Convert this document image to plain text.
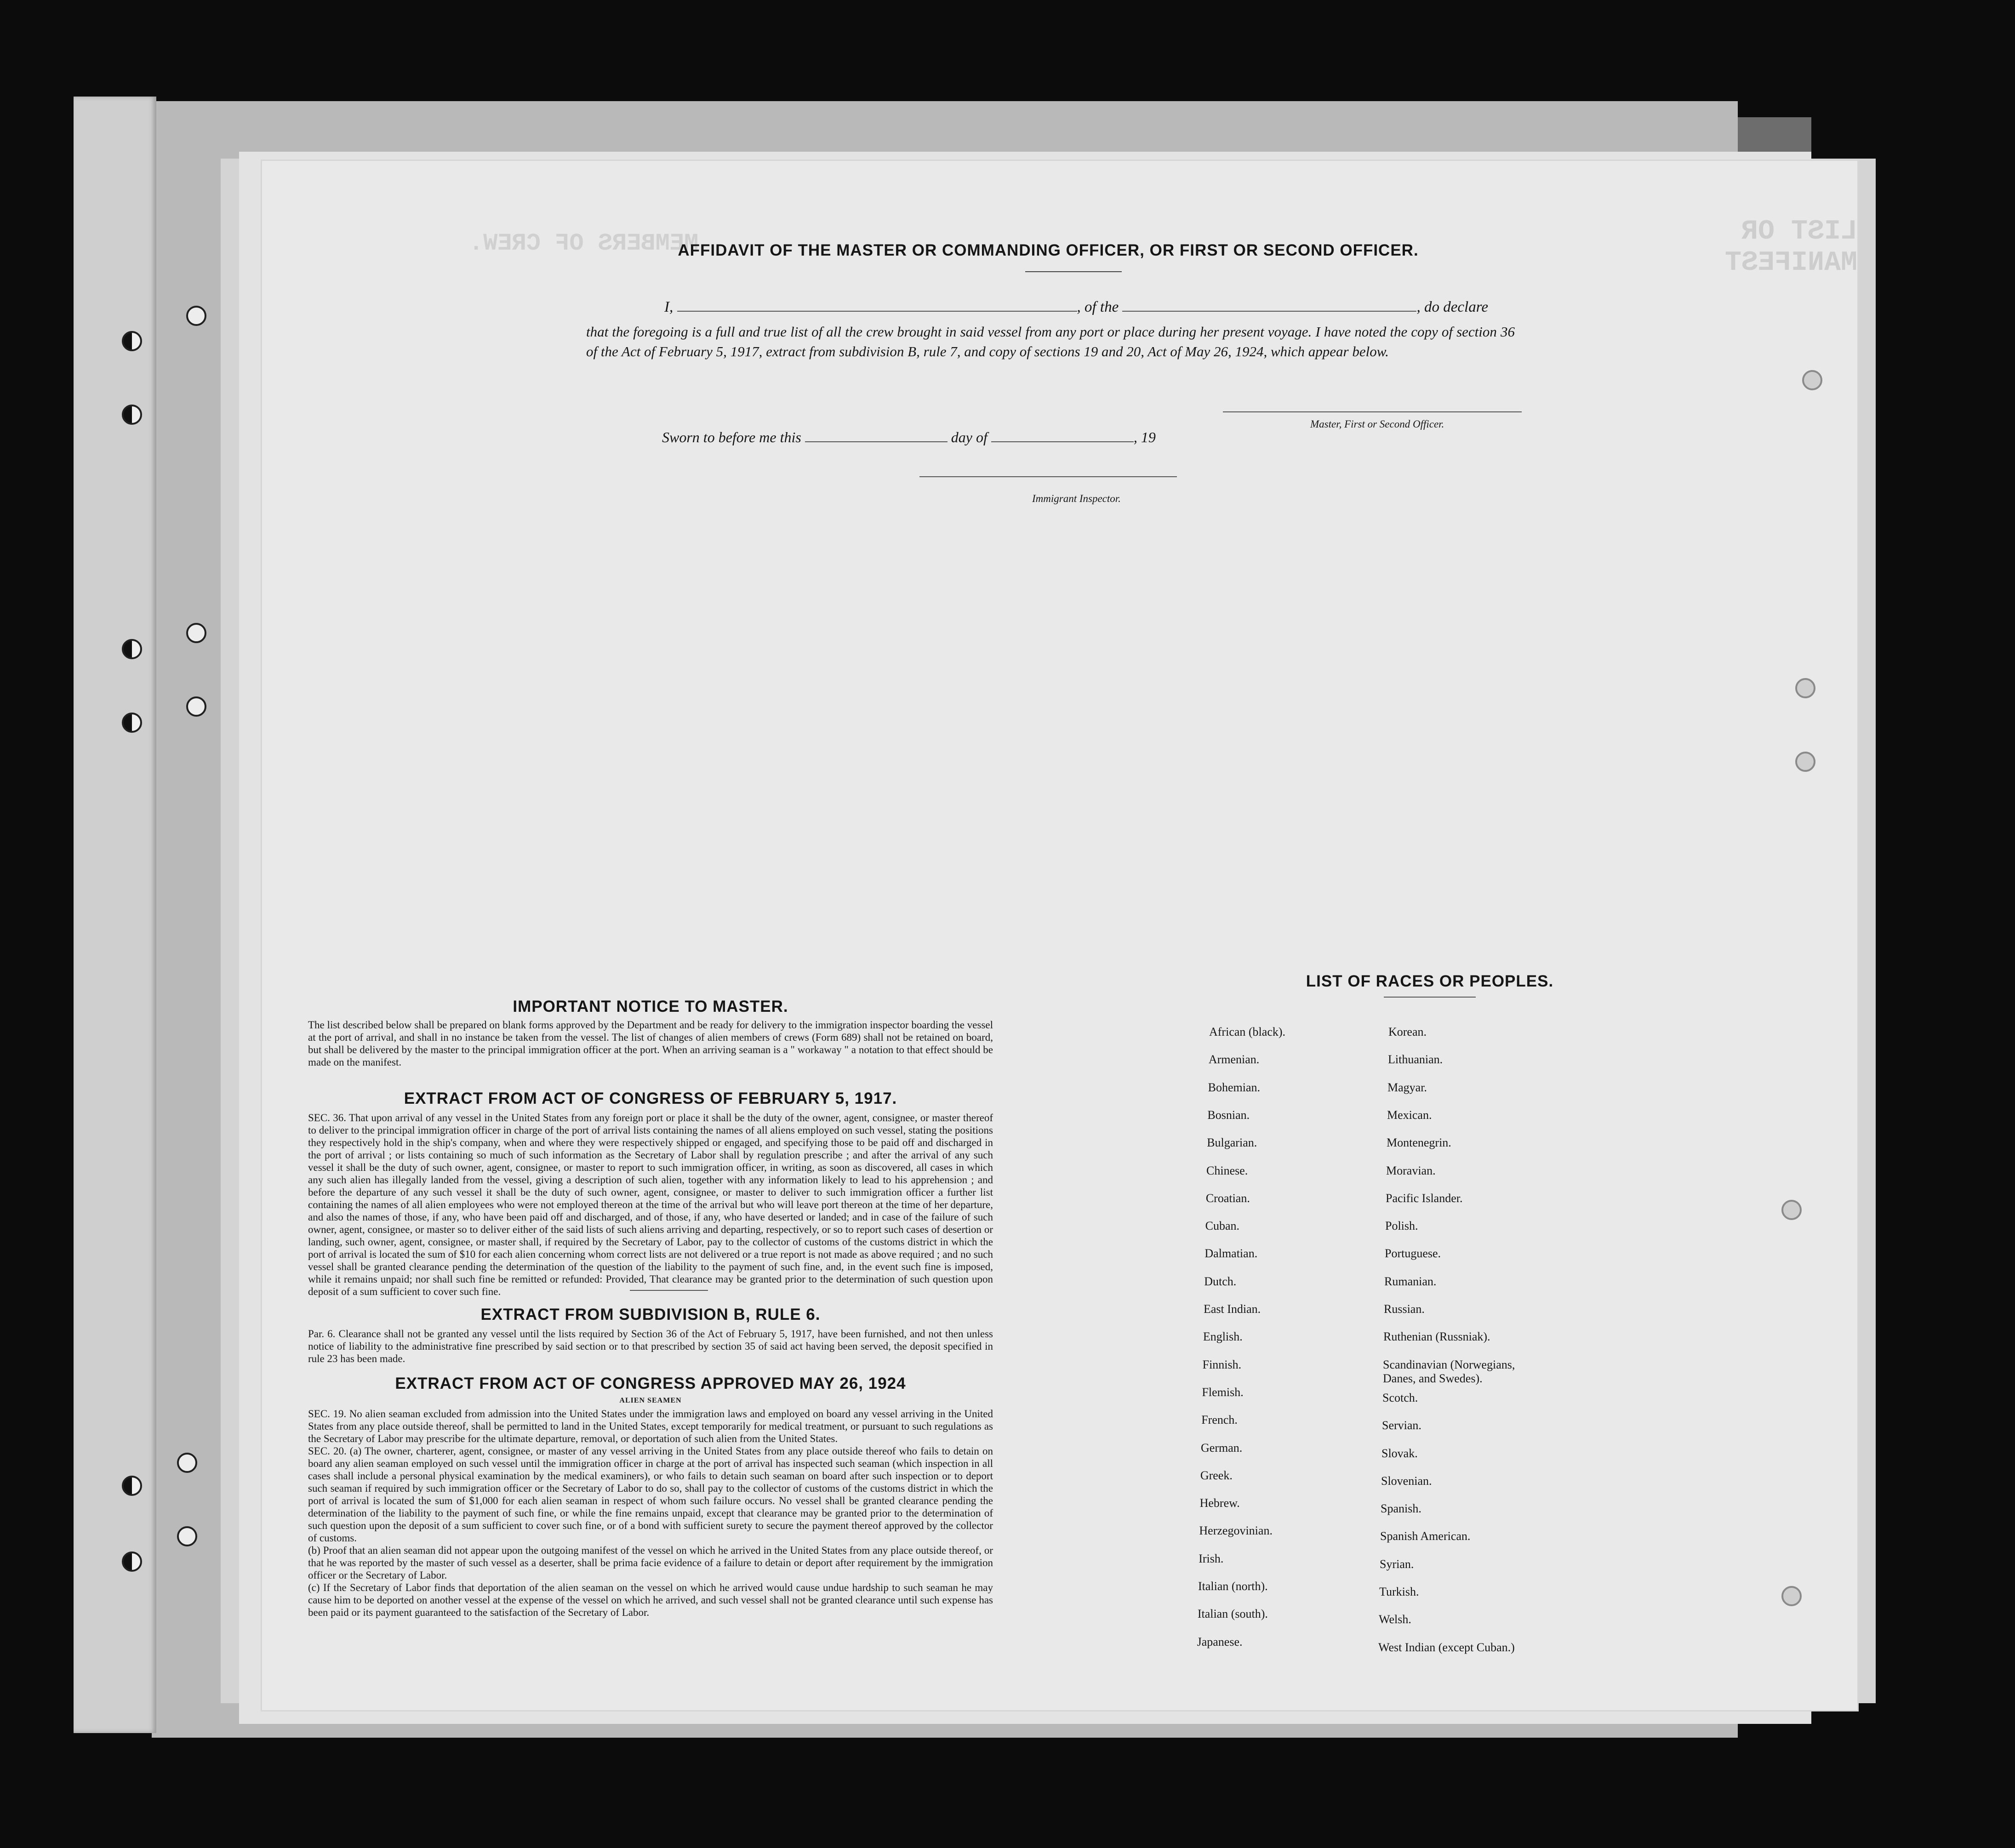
LIST OR MANIFEST
MEMBERS OF CREW.
AFFIDAVIT OF THE MASTER OR COMMANDING OFFICER, OR FIRST OR SECOND OFFICER.
I,	, of the	, do declare
that the foregoing is a full and true list of all the crew brought in said vessel from any port or place during her present voyage. I have noted the copy of section 36 of the Act of February 5, 1917, extract from subdivision B, rule 7, and copy of sections 19 and 20, Act of May 26, 1924, which appear below.
Master, First or Second Officer.
Sworn to before me this	day of	, 19
Immigrant Inspector.
IMPORTANT NOTICE TO MASTER.
The list described below shall be prepared on blank forms approved by the Department and be ready for delivery to the immigration inspector boarding the vessel at the port of arrival, and shall in no instance be taken from the vessel. The list of changes of alien members of crews (Form 689) shall not be retained on board, but shall be delivered by the master to the principal immigration officer at the port. When an arriving seaman is a " workaway " a notation to that effect should be made on the manifest.
EXTRACT FROM ACT OF CONGRESS OF FEBRUARY 5, 1917.
SEC. 36. That upon arrival of any vessel in the United States from any foreign port or place it shall be the duty of the owner, agent, consignee, or master thereof to deliver to the principal immigration officer in charge of the port of arrival lists containing the names of all aliens employed on such vessel, stating the positions they respectively hold in the ship's company, when and where they were respectively shipped or engaged, and specifying those to be paid off and discharged in the port of arrival ; or lists containing so much of such information as the Secretary of Labor shall by regulation prescribe ; and after the arrival of any such vessel it shall be the duty of such owner, agent, consignee, or master to report to such immigration officer, in writing, as soon as discovered, all cases in which any such alien has illegally landed from the vessel, giving a description of such alien, together with any information likely to lead to his apprehension ; and before the departure of any such vessel it shall be the duty of such owner, agent, consignee, or master to deliver to such immigration officer a further list containing the names of all alien employees who were not employed thereon at the time of the arrival but who will leave port thereon at the time of her departure, and also the names of those, if any, who have been paid off and discharged, and of those, if any, who have deserted or landed; and in case of the failure of such owner, agent, consignee, or master so to deliver either of the said lists of such aliens arriving and departing, respectively, or so to report such cases of desertion or landing, such owner, agent, consignee, or master shall, if required by the Secretary of Labor, pay to the collector of customs of the customs district in which the port of arrival is located the sum of $10 for each alien concerning whom correct lists are not delivered or a true report is not made as above required ; and no such vessel shall be granted clearance pending the determination of the question of the liability to the payment of such fine, and, in the event such fine is imposed, while it remains unpaid; nor shall such fine be remitted or refunded: Provided, That clearance may be granted prior to the determination of such question upon deposit of a sum sufficient to cover such fine.
EXTRACT FROM SUBDIVISION B, RULE 6.
Par. 6. Clearance shall not be granted any vessel until the lists required by Section 36 of the Act of February 5, 1917, have been furnished, and not then unless notice of liability to the administrative fine prescribed by said section or to that prescribed by section 35 of said act having been served, the deposit specified in rule 23 has been made.
EXTRACT FROM ACT OF CONGRESS APPROVED MAY 26, 1924
ALIEN SEAMEN
SEC. 19. No alien seaman excluded from admission into the United States under the immigration laws and employed on board any vessel arriving in the United States from any place outside thereof, shall be permitted to land in the United States, except temporarily for medical treatment, or pursuant to such regulations as the Secretary of Labor may prescribe for the ultimate departure, removal, or deportation of such alien from the United States.
SEC. 20. (a) The owner, charterer, agent, consignee, or master of any vessel arriving in the United States from any place outside thereof who fails to detain on board any alien seaman employed on such vessel until the immigration officer in charge at the port of arrival has inspected such seaman (which inspection in all cases shall include a personal physical examination by the medical examiners), or who fails to detain such seaman on board after such inspection or to deport such seaman if required by such immigration officer or the Secretary of Labor to do so, shall pay to the collector of customs of the customs district in which the port of arrival is located the sum of $1,000 for each alien seaman in respect of whom such failure occurs. No vessel shall be granted clearance pending the determination of the liability to the payment of such fine, or while the fine remains unpaid, except that clearance may be granted prior to the determination of such question upon the deposit of a sum sufficient to cover such fine, or of a bond with sufficient surety to secure the payment thereof approved by the collector of customs.
(b) Proof that an alien seaman did not appear upon the outgoing manifest of the vessel on which he arrived in the United States from any place outside thereof, or that he was reported by the master of such vessel as a deserter, shall be prima facie evidence of a failure to detain or deport after requirement by the immigration officer or the Secretary of Labor.
(c) If the Secretary of Labor finds that deportation of the alien seaman on the vessel on which he arrived would cause undue hardship to such seaman he may cause him to be deported on another vessel at the expense of the vessel on which he arrived, and such vessel shall not be granted clearance until such expense has been paid or its payment guaranteed to the satisfaction of the Secretary of Labor.
LIST OF RACES OR PEOPLES.
African (black).
Armenian.
Bohemian.
Bosnian.
Bulgarian.
Chinese.
Croatian.
Cuban.
Dalmatian.
Dutch.
East Indian.
English.
Finnish.
Flemish.
French.
German.
Greek.
Hebrew.
Herzegovinian.
Irish.
Italian (north).
Italian (south).
Japanese.
Korean.
Lithuanian.
Magyar.
Mexican.
Montenegrin.
Moravian.
Pacific Islander.
Polish.
Portuguese.
Rumanian.
Russian.
Ruthenian (Russniak).
Scandinavian (Norwegians, Danes, and Swedes).
Scotch.
Servian.
Slovak.
Slovenian.
Spanish.
Spanish American.
Syrian.
Turkish.
Welsh.
West Indian (except Cuban.)
